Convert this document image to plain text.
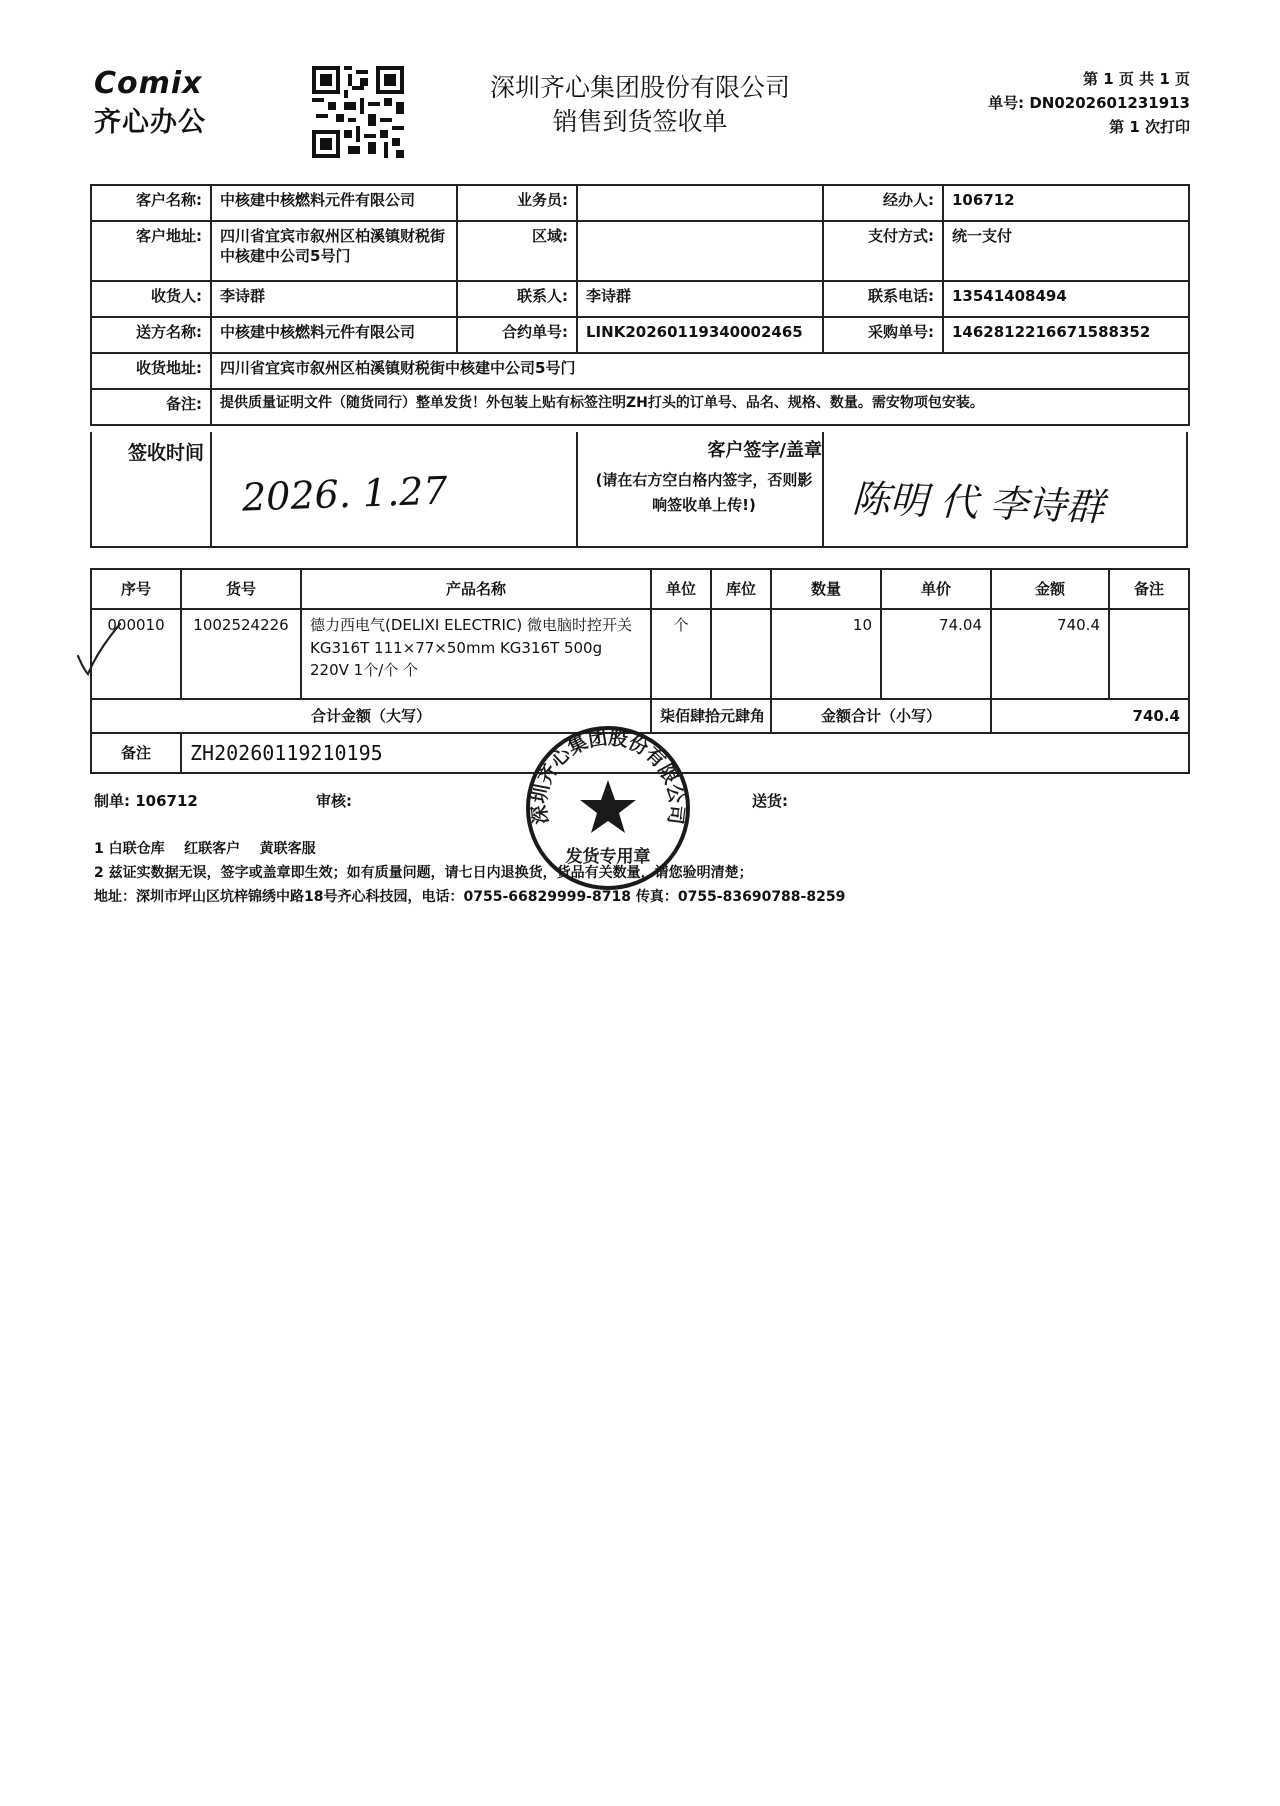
Comix
齐心办公
深圳齐心集团股份有限公司
销售到货签收单
第 1 页 共 1 页
单号: DN0202601231913
第 1 次打印
客户名称:	中核建中核燃料元件有限公司	业务员:		经办人:	106712
客户地址:	四川省宜宾市叙州区柏溪镇财税街中核建中公司5号门	区域:		支付方式:	统一支付
收货人:	李诗群	联系人:	李诗群	联系电话:	13541408494
送方名称:	中核建中核燃料元件有限公司	合约单号:	LINK20260119340002465	采购单号:	1462812216671588352
收货地址:	四川省宜宾市叙州区柏溪镇财税街中核建中公司5号门				
备注:	提供质量证明文件（随货同行）整单发货！外包装上贴有标签注明ZH打头的订单号、品名、规格、数量。需安物项包安装。				
签收时间
2026. 1.27
客户签字/盖章
(请在右方空白格内签字，否则影响签收单上传!)	陈明 代 李诗群
序号	货号	产品名称	单位	库位	数量	单价	金额	备注
000010	1002524226	德力西电气(DELIXI ELECTRIC) 微电脑时控开关 KG316T 111×77×50mm KG316T 500g 220V 1个/个 个	个		10	74.04	740.4	
合计金额（大写）			柒佰肆拾元肆角		金额合计（小写）		740.4	
备注	ZH20260119210195							
制单: 106712	审核:	送货:
1 白联仓库    红联客户    黄联客服
2 兹证实数据无误，签字或盖章即生效；如有质量问题，请七日内退换货，货品有关数量，请您验明清楚；
地址：深圳市坪山区坑梓锦绣中路18号齐心科技园，电话：0755-66829999-8718 传真：0755-83690788-8259
深圳齐心集团股份有限公司
发货专用章
